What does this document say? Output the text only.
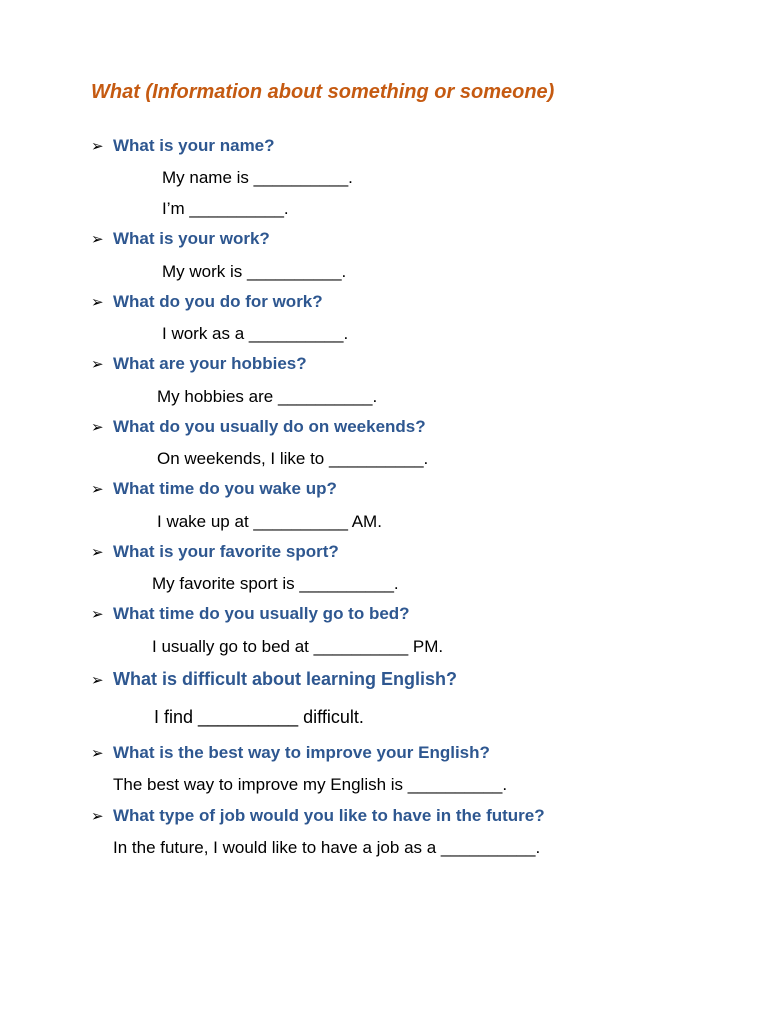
What (Information about something or someone)
➢ What is your name?
My name is __________.
I’m __________.
➢ What is your work?
My work is __________.
➢ What do you do for work?
I work as a __________.
➢ What are your hobbies?
My hobbies are __________.
➢ What do you usually do on weekends?
On weekends, I like to __________.
➢ What time do you wake up?
I wake up at __________ AM.
➢ What is your favorite sport?
My favorite sport is __________.
➢ What time do you usually go to bed?
I usually go to bed at __________ PM.
➢ What is difficult about learning English?
I find __________ difficult.
➢ What is the best way to improve your English?
The best way to improve my English is __________.
➢ What type of job would you like to have in the future?
In the future, I would like to have a job as a __________.
